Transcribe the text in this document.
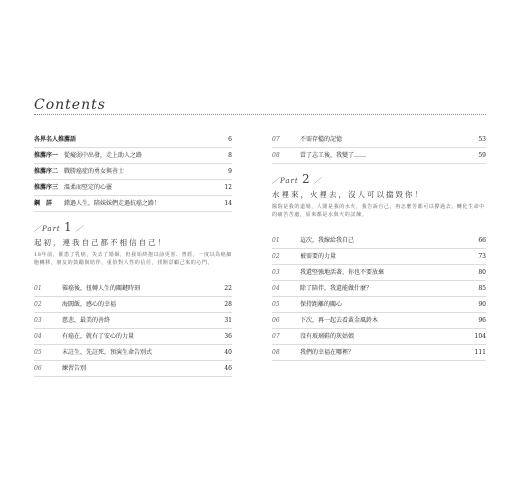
Contents
各界名人推薦語	6
推薦序一 從癡弱中出發，走上助人之路	8
推薦序二 戰勝癌症的勇女與善士	9
推薦序三 溫柔而堅定的心靈	12
鋼　詳	錯過人生，陪妹妹們走過抗癌之路！	14
／Part 1 ／
起初，連我自己都不相信自己！
18年前，罹患了乳癌，失去了婚姻，但我始終抱以前更喜、曾經，一度以為癌細胞轉移，朋友的鼓勵與陪伴，重拾對人性的信任，找開景顧己來的心門。
01	罹癌後，扭轉人生的關鍵時刻	22
02	海闊飯，感心的幸福	28
03	慈悲，最美的善終	31
04	有癌在，就有了安心的力量	36
05	末註生，先註死，預演生命告別式	40
06	練習告別	46
07	不需存檔的記憶	53
08	當了志工後，我變了……	59
／Part 2 ／
水裡來，火裡去，沒人可以擋毀你！
醫院是我的道場，人間是我的水火，我告訴自己，再怎麼苦都可以撐過去，轉化生命中的痛苦苦處，原來都是水與火的試煉。
01	這次，我線給我自己	66
02	被需要的力量	73
03	我還堅強地活著，你也不要放棄	80
04	除了陪伴，我還能做什麼？	85
05	保持距離的關心	90
06	下次，再一起去看黃金風鈴木	96
07	沒有玻璃鞋的灰姑娘	104
08	我們的幸福在哪裡？	111
